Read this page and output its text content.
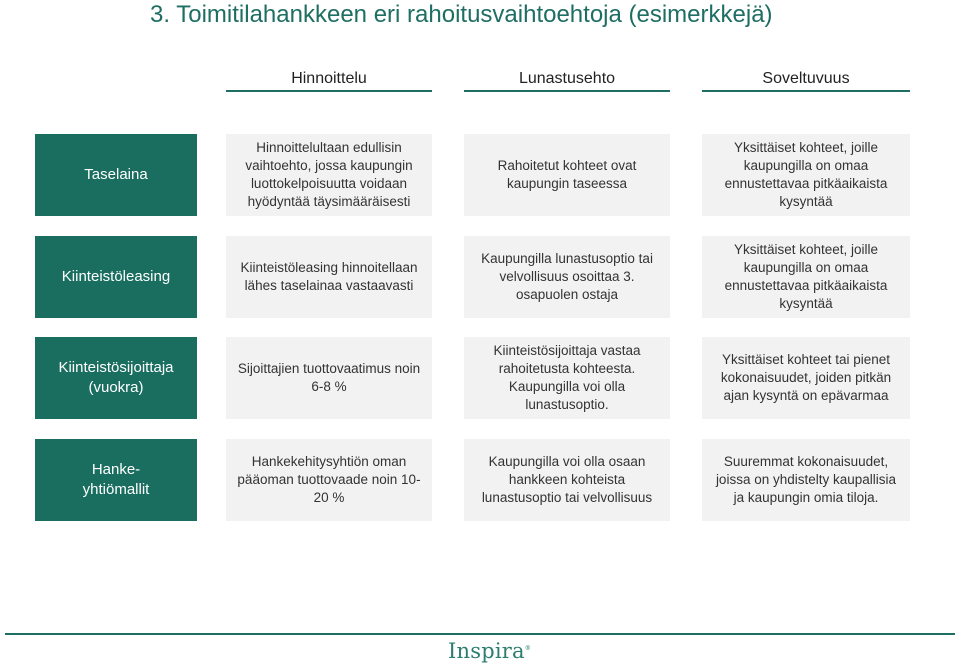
3. Toimitilahankkeen eri rahoitusvaihtoehtoja (esimerkkejä)
Hinnoittelu	Lunastusehto	Soveltuvuus
Taselaina
Hinnoittelultaan edullisin vaihtoehto, jossa kaupungin luottokelpoisuutta voidaan hyödyntää täysimääräisesti
Rahoitetut kohteet ovat kaupungin taseessa
Yksittäiset kohteet, joille kaupungilla on omaa ennustettavaa pitkäaikaista kysyntää
Kiinteistöleasing
Kiinteistöleasing hinnoitellaan lähes taselainaa vastaavasti
Kaupungilla lunastusoptio tai velvollisuus osoittaa 3. osapuolen ostaja
Yksittäiset kohteet, joille kaupungilla on omaa ennustettavaa pitkäaikaista kysyntää
Kiinteistösijoittaja (vuokra)
Sijoittajien tuottovaatimus noin 6-8 %
Kiinteistösijoittaja vastaa rahoitetusta kohteesta. Kaupungilla voi olla lunastusoptio.
Yksittäiset kohteet tai pienet kokonaisuudet, joiden pitkän ajan kysyntä on epävarmaa
Hanke- yhtiömallit
Hankekehitysyhtiön oman pääoman tuottovaade noin 10- 20 %
Kaupungilla voi olla osaan hankkeen kohteista lunastusoptio tai velvollisuus
Suuremmat kokonaisuudet, joissa on yhdistelty kaupallisia ja kaupungin omia tiloja.
Inspira®
